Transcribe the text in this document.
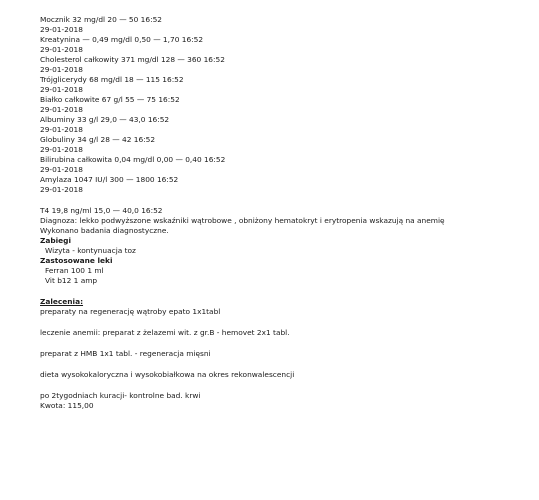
Mocznik 32 mg/dl 20 — 50 16:52
29-01-2018
Kreatynina — 0,49 mg/dl 0,50 — 1,70 16:52
29-01-2018
Cholesterol całkowity 371 mg/dl 128 — 360 16:52
29-01-2018
Trójglicerydy 68 mg/dl 18 — 115 16:52
29-01-2018
Białko całkowite 67 g/l 55 — 75 16:52
29-01-2018
Albuminy 33 g/l 29,0 — 43,0 16:52
29-01-2018
Globuliny 34 g/l 28 — 42 16:52
29-01-2018
Bilirubina całkowita 0,04 mg/dl 0,00 — 0,40 16:52
29-01-2018
Amylaza 1047 IU/l 300 — 1800 16:52
29-01-2018
T4 19,8 ng/ml 15,0 — 40,0 16:52
Diagnoza: lekko podwyższone wskaźniki wątrobowe , obniżony hematokryt i erytropenia wskazują na anemię
Wykonano badania diagnostyczne.
Zabiegi
Wizyta - kontynuacja toz
Zastosowane leki
Ferran 100 1 ml
Vit b12 1 amp
Zalecenia:
preparaty na regenerację wątroby epato 1x1tabl
leczenie anemii: preparat z żelazemi wit. z gr.B - hemovet 2x1 tabl.
preparat z HMB 1x1 tabl. - regeneracja mięsni
dieta wysokokaloryczna i wysokobiałkowa na okres rekonwalescencji
po 2tygodniach kuracji- kontrolne bad. krwi
Kwota: 115,00
